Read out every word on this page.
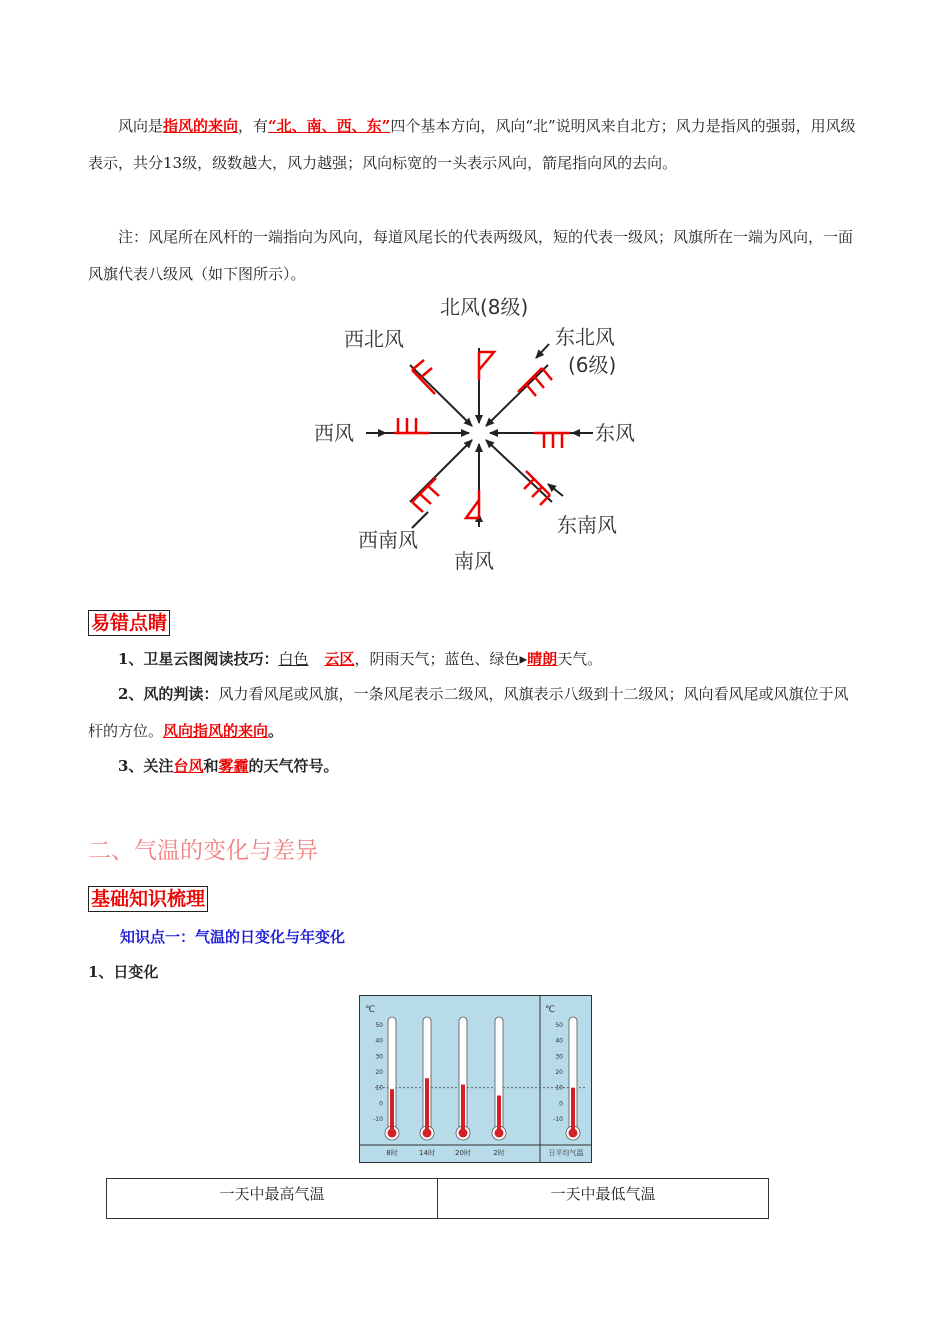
风向是指风的来向，有“北、南、西、东”四个基本方向，风向“北”说明风来自北方；风力是指风的强弱，用风级表示，共分13级，级数越大，风力越强；风向标宽的一头表示风向，箭尾指向风的去向。
注：风尾所在风杆的一端指向为风向，每道风尾长的代表两级风，短的代表一级风；风旗所在一端为风向，一面风旗代表八级风（如下图所示）。
北风(8级)
东北风
(6级)
西北风
西风	东风
西南风
南风
东南风
易错点睛
1、卫星云图阅读技巧：白色 云区，阴雨天气；蓝色、绿色▶晴朗天气。
2、风的判读：风力看风尾或风旗，一条风尾表示二级风，风旗表示八级到十二级风；风向看风尾或风旗位于风杆的方位。风向指风的来向。
3、关注台风和雾霾的天气符号。
二、气温的变化与差异
基础知识梳理
知识点一：气温的日变化与年变化
1、日变化
℃	℃
50
40
30
20
10
0
-10
50
40
30
20
10
0
-10
8时	14时	20时	2时	日平均气温
一天中最高气温	一天中最低气温
